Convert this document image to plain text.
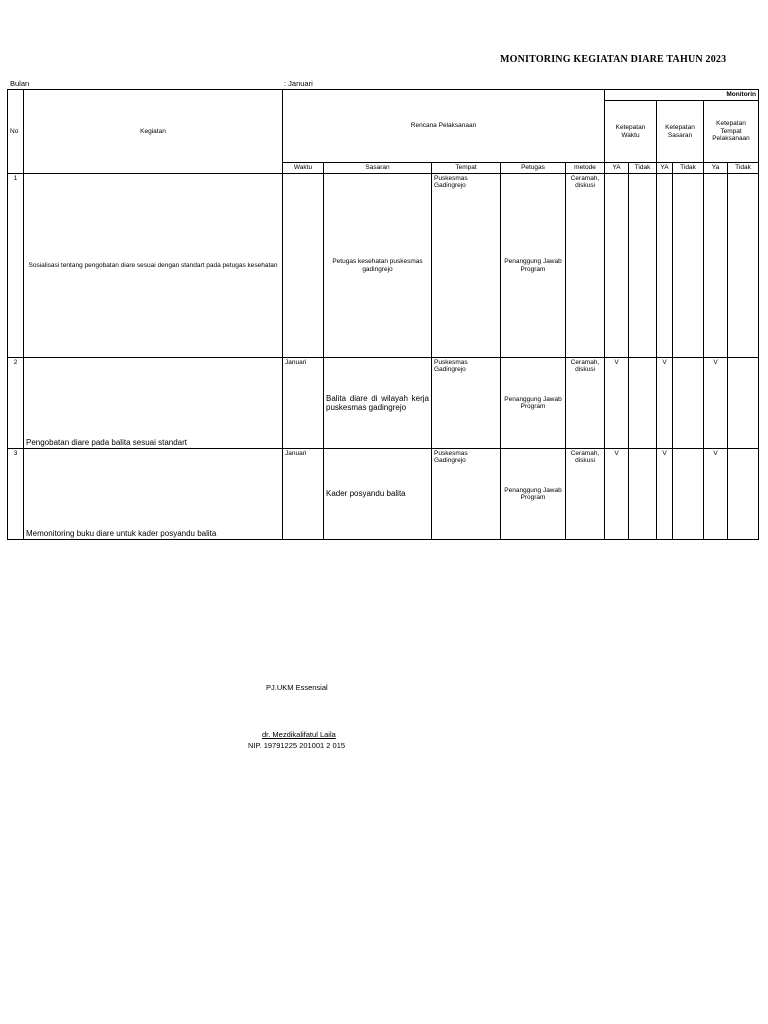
MONITORING KEGIATAN DIARE TAHUN 2023
Bulan	: Januari
No	Kegiatan	Rencana Pelaksanaan					Monitorin					
							Ketepatan Waktu		Ketepatan Sasaran		Ketepatan Tempat Pelaksanaan	
		Waktu	Sasaran	Tempat	Petugas	metode	YA	Tidak	YA	Tidak	Ya	Tidak
1	Sosialisasi tentang pengobatan diare sesuai dengan standart pada petugas kesehatan		Petugas kesehatan puskesmas gadingrejo	Puskesmas Gadingrejo	Penanggung Jawab Program	Ceramah, diskusi						
2	Pengobatan diare pada balita sesuai standart	Januari	Balita diare di wilayah kerja puskesmas gadingrejo	Puskesmas Gadingrejo	Penanggung Jawab Program	Ceramah, diskusi	V		V		V	
3	Memonitoring buku diare untuk kader posyandu balita	Januari	Kader posyandu balita	Puskesmas Gadingrejo	Penanggung Jawab Program	Ceramah, diskusi	V		V		V	
PJ.UKM Essensial
dr. Mezdikalifatul Laila
NIP. 19791225 201001 2 015
